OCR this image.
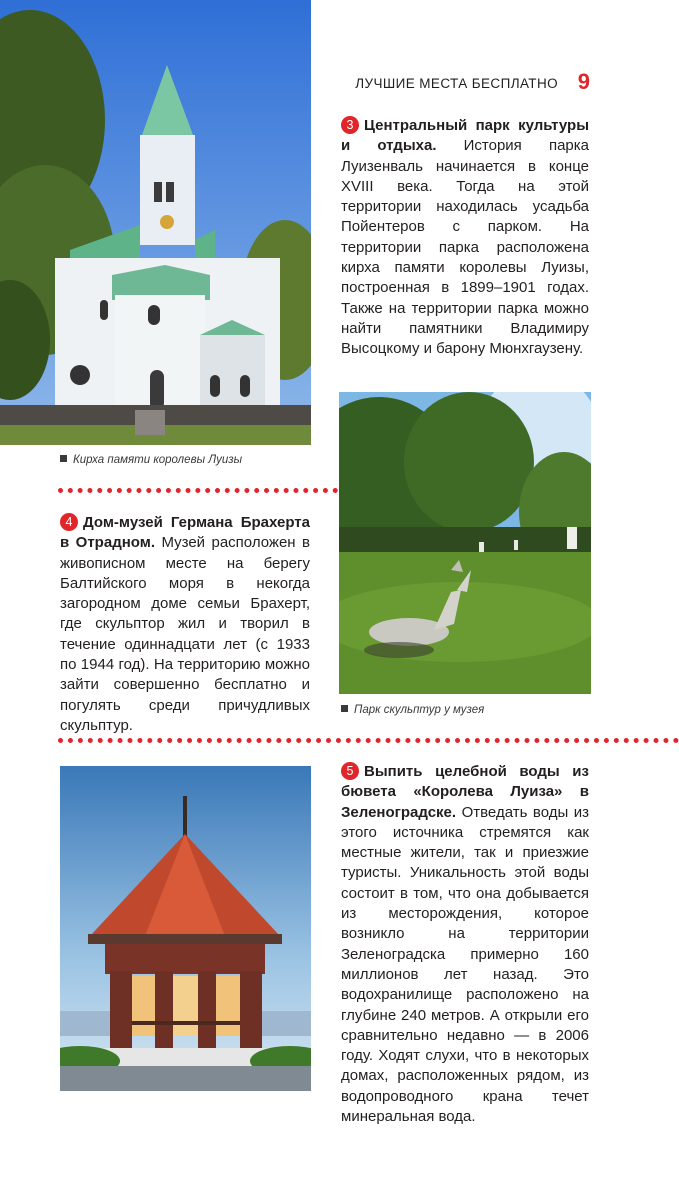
ЛУЧШИЕ МЕСТА БЕСПЛАТНО 9
Кирха памяти королевы Луизы
3 Центральный парк культуры и отдыха. История парка Луизенваль начинается в конце XVIII века. Тогда на этой территории находилась усадьба Пойентеров с парком. На территории парка расположена кирха памяти королевы Луизы, построенная в 1899–1901 годах. Также на территории парка можно найти памятники Владимиру Высоцкому и барону Мюнхгаузену.
Парк скульптур у музея
4 Дом-музей Германа Брахерта в Отрадном. Музей расположен в живописном месте на берегу Балтийского моря в некогда загородном доме семьи Брахерт, где скульптор жил и творил в течение одиннадцати лет (с 1933 по 1944 год). На территорию можно зайти совершенно бесплатно и погулять среди причудливых скульптур.
5 Выпить целебной воды из бювета «Королева Луиза» в Зеленоградске. Отведать воды из этого источника стремятся как местные жители, так и приезжие туристы. Уникальность этой воды состоит в том, что она добывается из месторождения, которое возникло на территории Зеленоградска примерно 160 миллионов лет назад. Это водохранилище расположено на глубине 240 метров. А открыли его сравнительно недавно — в 2006 году. Ходят слухи, что в некоторых домах, расположенных рядом, из водопроводного крана течет минеральная вода.
